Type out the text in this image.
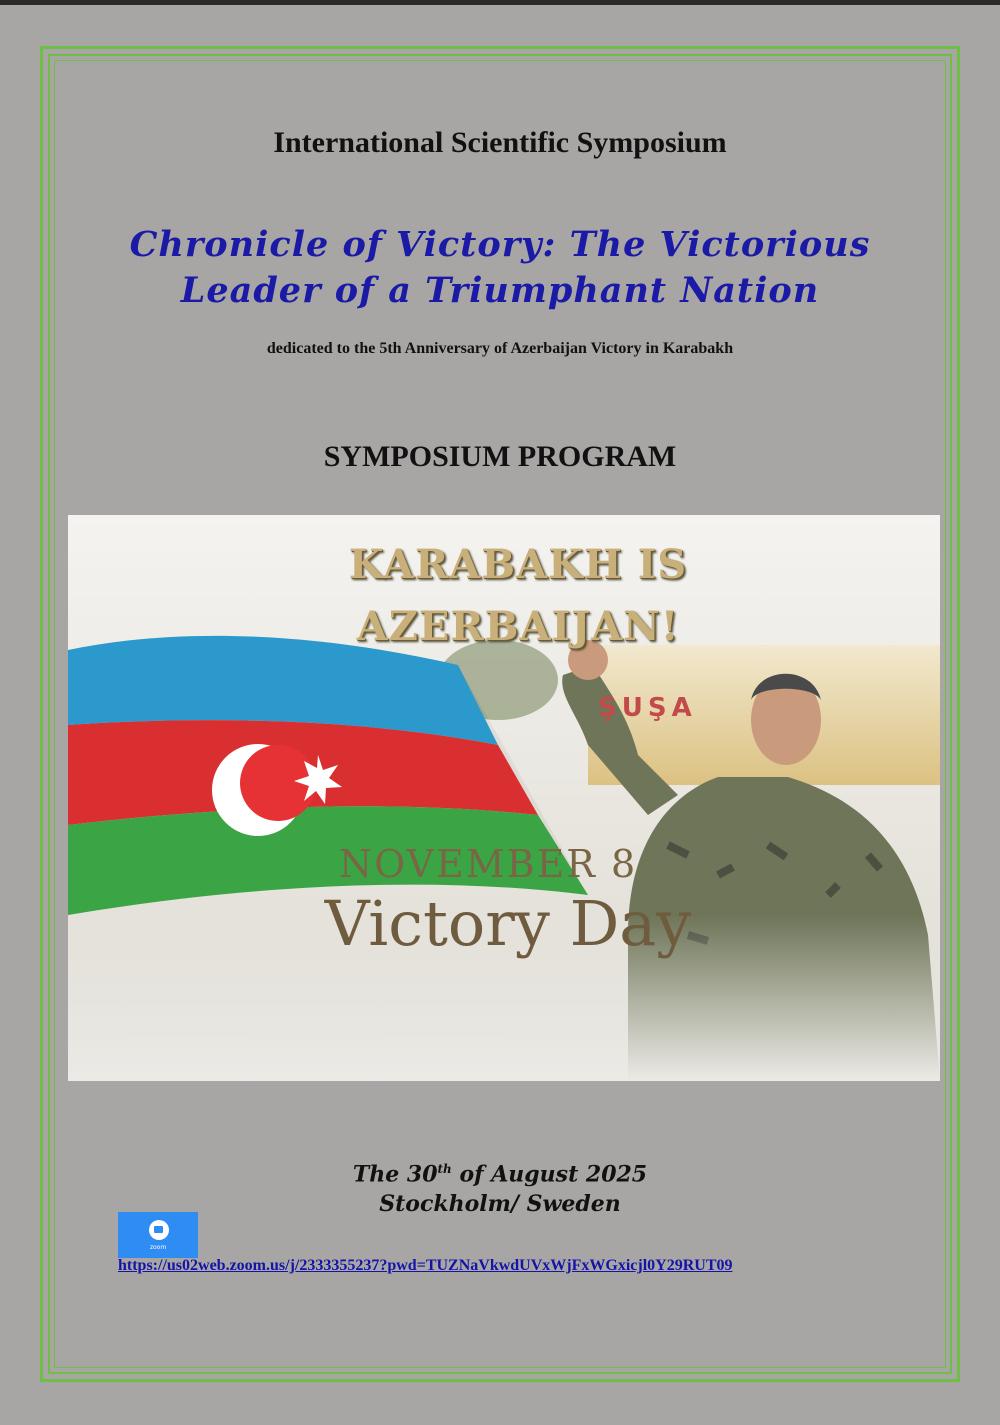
International Scientific Symposium
Chronicle of Victory: The Victorious
Leader of a Triumphant Nation
dedicated to the 5th Anniversary of Azerbaijan Victory in Karabakh
SYMPOSIUM PROGRAM
KARABAKH IS
AZERBAIJAN!
ŞUŞA
NOVEMBER 8
Victory Day
The 30th of August 2025
Stockholm/ Sweden
zoom
https://us02web.zoom.us/j/2333355237?pwd=TUZNaVkwdUVxWjFxWGxicjl0Y29RUT09
